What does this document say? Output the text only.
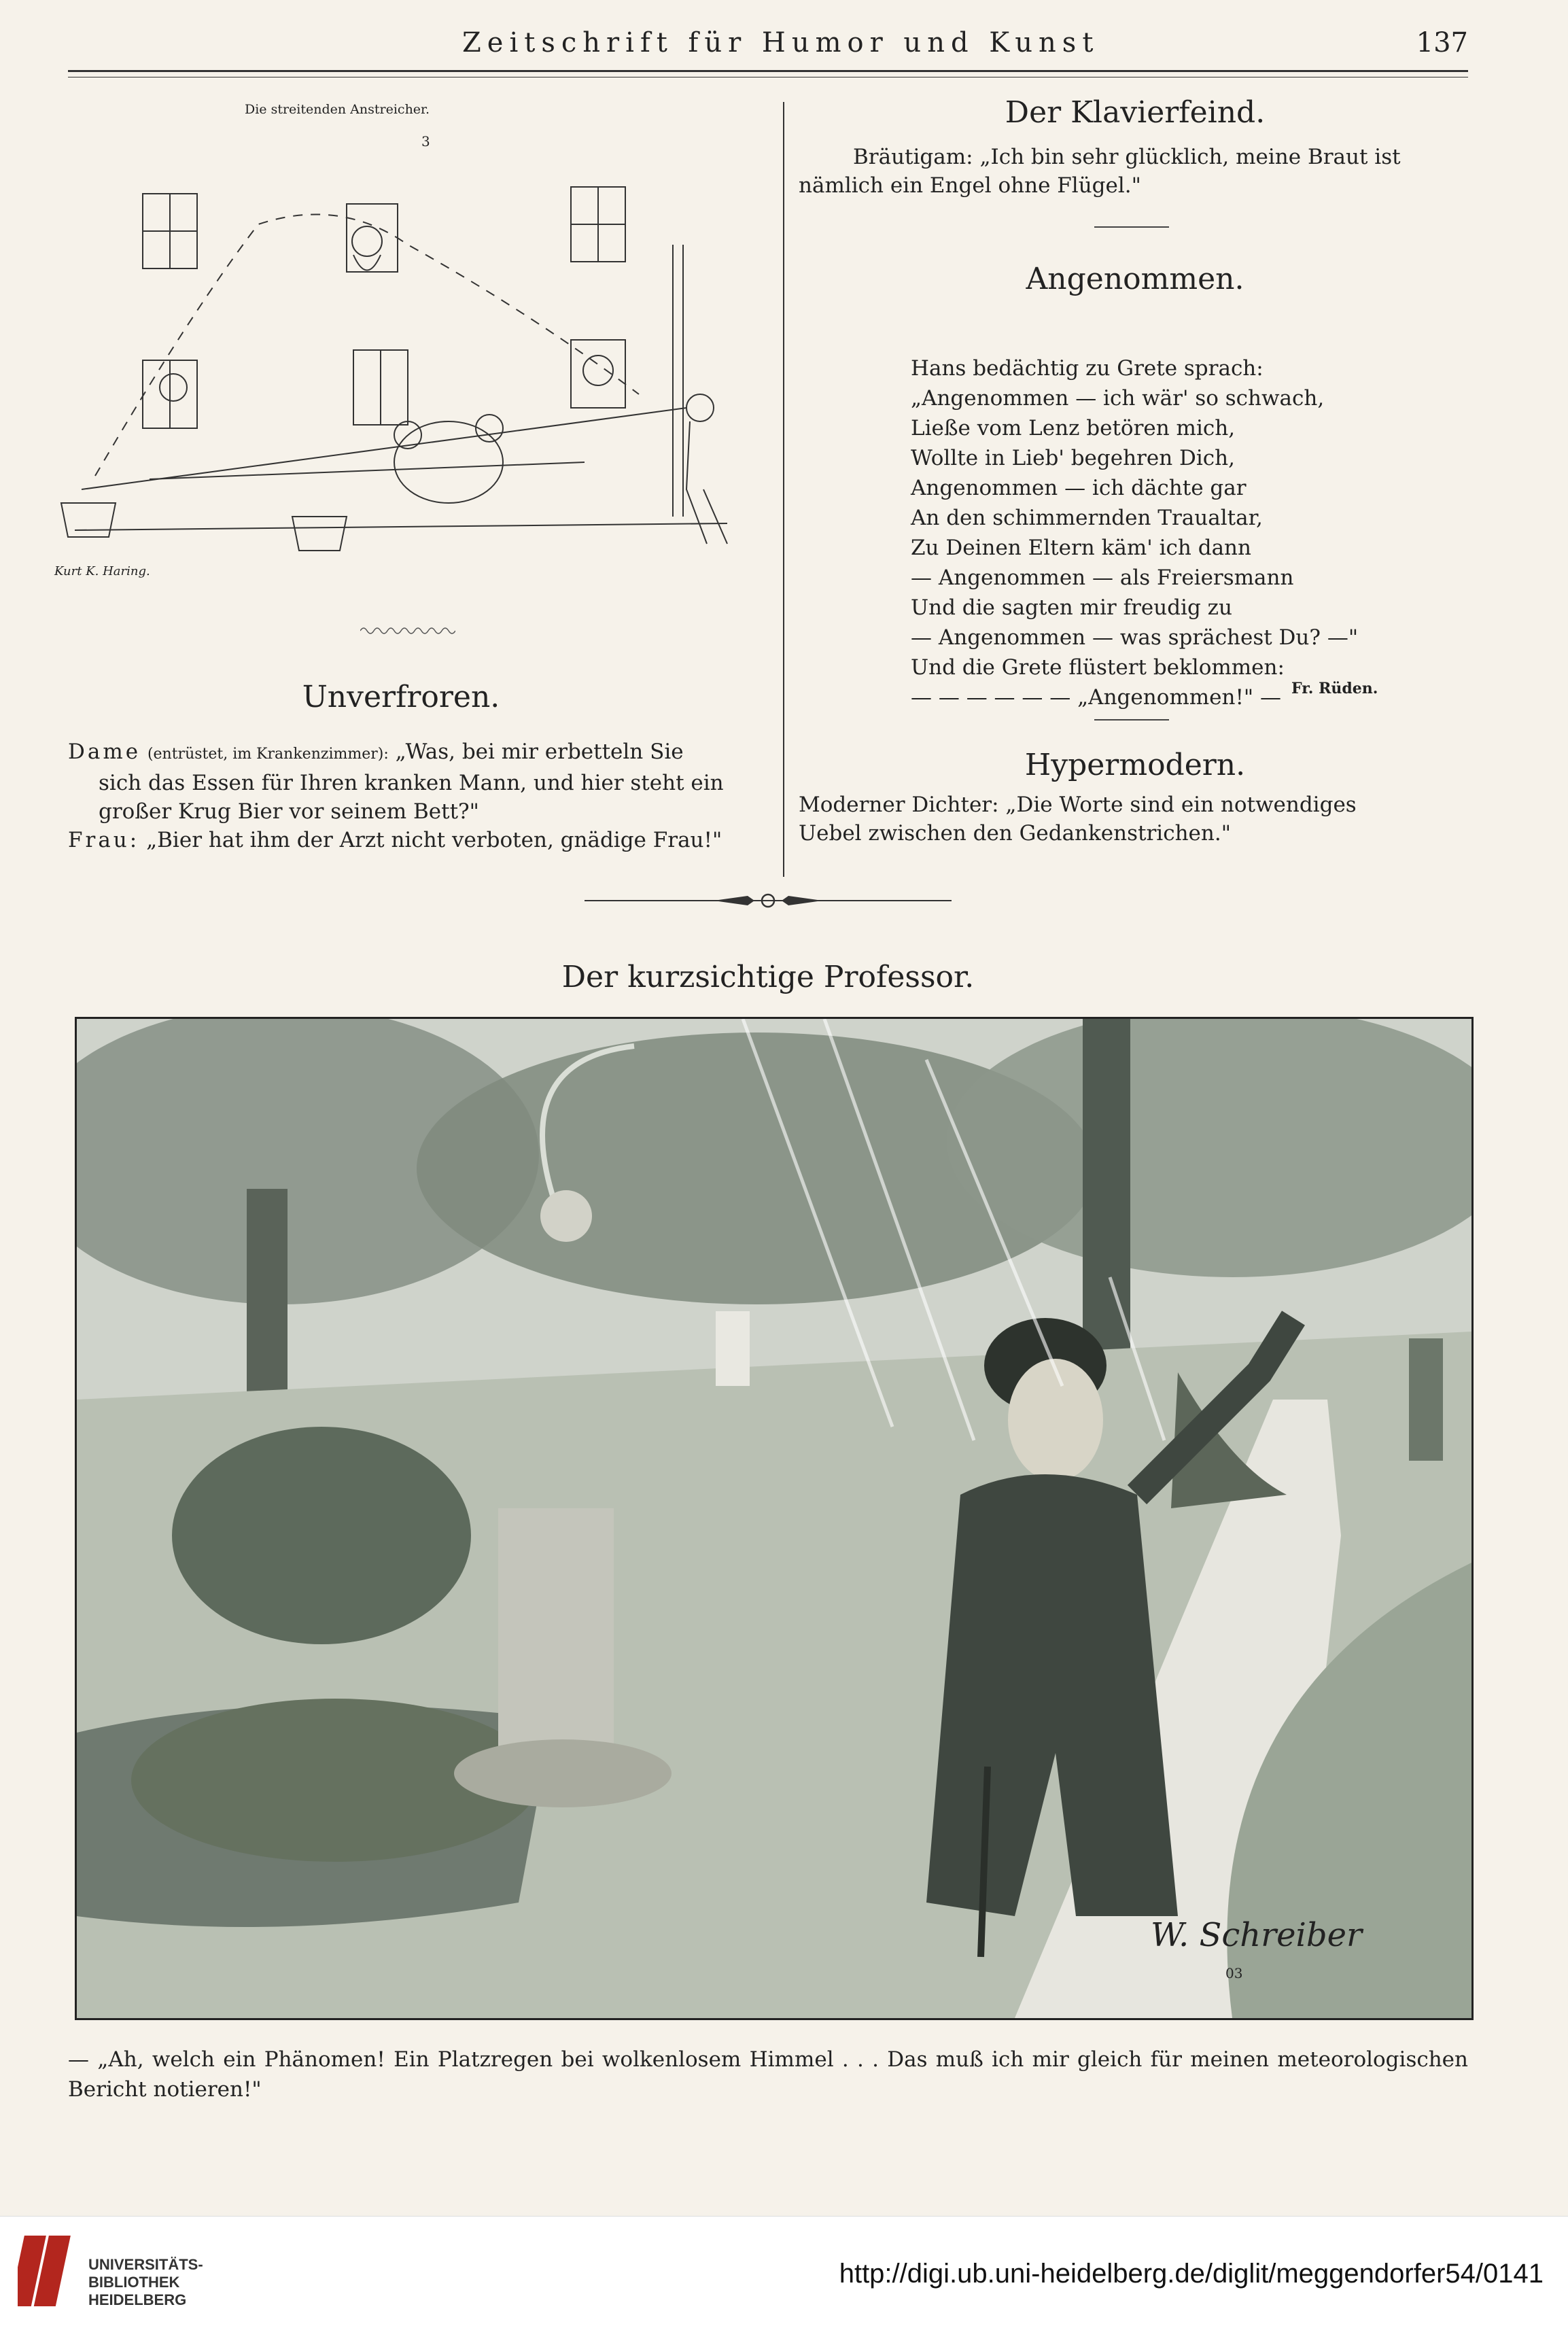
Zeitschrift für Humor und Kunst	137
Die streitenden Anstreicher.
3
Kurt K. Haring.
Unverfroren.
Dame (entrüstet, im Krankenzimmer): „Was, bei mir erbetteln Sie
sich das Essen für Ihren kranken Mann, und hier steht ein
großer Krug Bier vor seinem Bett?"
Frau: „Bier hat ihm der Arzt nicht verboten, gnädige Frau!"
Der Klavierfeind.
Bräutigam: „Ich bin sehr glücklich, meine Braut ist
nämlich ein Engel ohne Flügel."
Angenommen.
Hans bedächtig zu Grete sprach:
„Angenommen — ich wär' so schwach,
Ließe vom Lenz betören mich,
Wollte in Lieb' begehren Dich,
Angenommen — ich dächte gar
An den schimmernden Traualtar,
Zu Deinen Eltern käm' ich dann
— Angenommen — als Freiersmann
Und die sagten mir freudig zu
— Angenommen — was sprächest Du? —"
Und die Grete flüstert beklommen:
— — — — — — „Angenommen!" — Fr. Rüden.
Hypermodern.
Moderner Dichter: „Die Worte sind ein notwendiges
Uebel zwischen den Gedankenstrichen."
Der kurzsichtige Professor.
W. Schreiber
03
— „Ah, welch ein Phänomen! Ein Platzregen bei wolkenlosem Himmel . . . Das muß ich mir gleich für meinen meteorologischen Bericht notieren!"
UNIVERSITÄTS-
BIBLIOTHEK
HEIDELBERG
http://digi.ub.uni-heidelberg.de/diglit/meggendorfer54/0141
